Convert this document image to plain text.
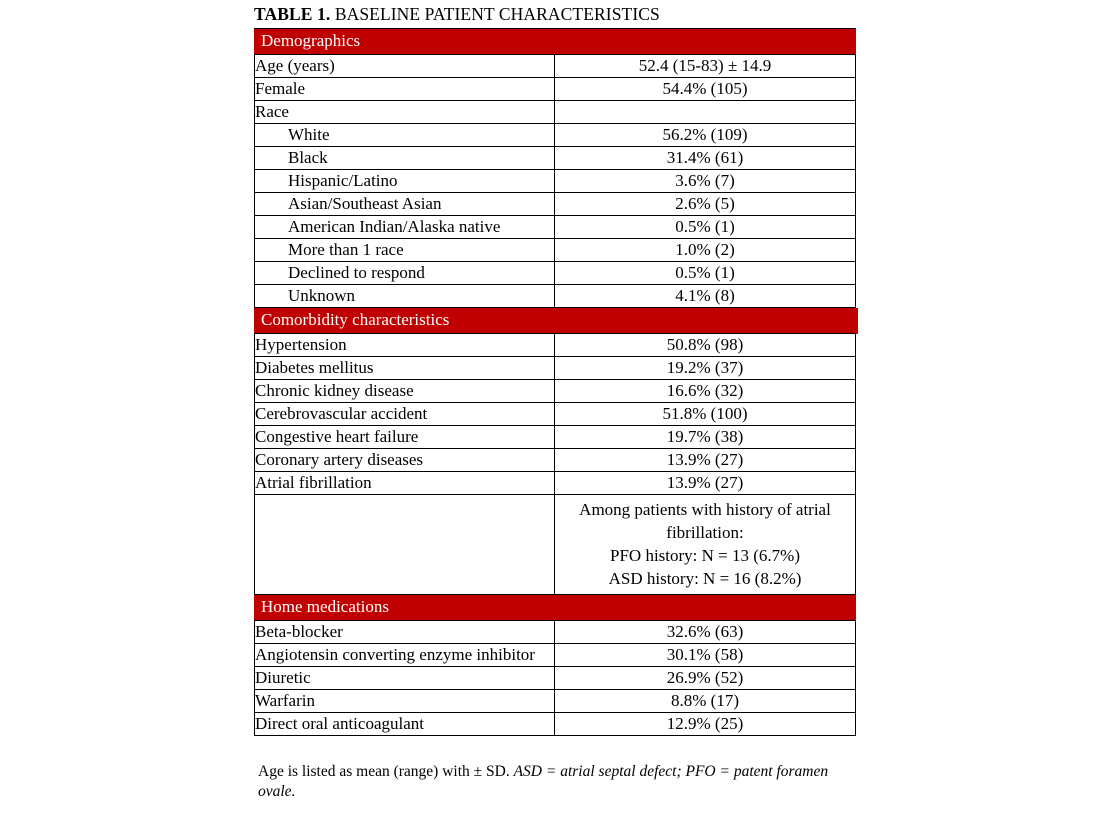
TABLE 1. BASELINE PATIENT CHARACTERISTICS
Demographics	
Age (years)	52.4 (15-83) ± 14.9
Female	54.4% (105)
Race	
White	56.2% (109)
Black	31.4% (61)
Hispanic/Latino	3.6% (7)
Asian/Southeast Asian	2.6% (5)
American Indian/Alaska native	0.5% (1)
More than 1 race	1.0% (2)
Declined to respond	0.5% (1)
Unknown	4.1% (8)
Comorbidity characteristics	
Hypertension	50.8% (98)
Diabetes mellitus	19.2% (37)
Chronic kidney disease	16.6% (32)
Cerebrovascular accident	51.8% (100)
Congestive heart failure	19.7% (38)
Coronary artery diseases	13.9% (27)
Atrial fibrillation	13.9% (27)
	Among patients with history of atrial fibrillation:
PFO history: N = 13 (6.7%)
ASD history: N = 16 (8.2%)
Home medications	
Beta-blocker	32.6% (63)
Angiotensin converting enzyme inhibitor	30.1% (58)
Diuretic	26.9% (52)
Warfarin	8.8% (17)
Direct oral anticoagulant	12.9% (25)
Age is listed as mean (range) with ± SD. ASD = atrial septal defect; PFO = patent foramen ovale.
